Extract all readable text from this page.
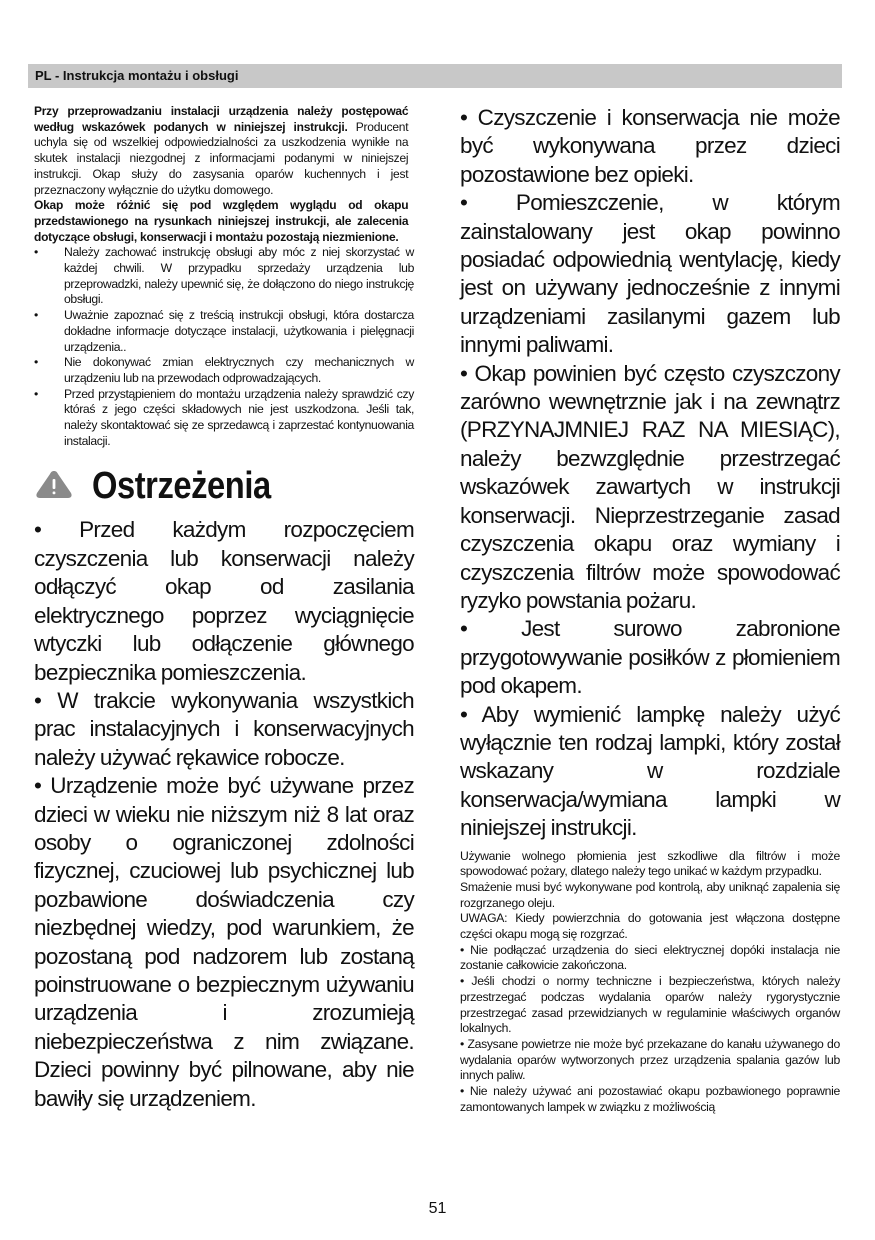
PL - Instrukcja montażu i obsługi

Przy przeprowadzaniu instalacji urządzenia należy postępować według wskazówek podanych w niniejszej instrukcji. Producent uchyla się od wszelkiej odpowiedzialności za uszkodzenia wynikłe na skutek instalacji niezgodnej z informacjami podanymi w niniejszej instrukcji. Okap służy do zasysania oparów kuchennych i jest przeznaczony wyłącznie do użytku domowego.

Okap może różnić się pod względem wyglądu od okapu przedstawionego na rysunkach niniejszej instrukcji, ale zalecenia dotyczące obsługi, konserwacji i montażu pozostają niezmienione.

• Należy zachować instrukcję obsługi aby móc z niej skorzystać w każdej chwili. W przypadku sprzedaży urządzenia lub przeprowadzki, należy upewnić się, że dołączono do niego instrukcję obsługi.
• Uważnie zapoznać się z treścią instrukcji obsługi, która dostarcza dokładne informacje dotyczące instalacji, użytkowania i pielęgnacji urządzenia..
• Nie dokonywać zmian elektrycznych czy mechanicznych w urządzeniu lub na przewodach odprowadzających.
• Przed przystąpieniem do montażu urządzenia należy sprawdzić czy któraś z jego części składowych nie jest uszkodzona. Jeśli tak, należy skontaktować się ze sprzedawcą i zaprzestać kontynuowania instalacji.
Ostrzeżenia

• Przed każdym rozpoczęciem czyszczenia lub konserwacji należy odłączyć okap od zasilania elektrycznego poprzez wyciągnięcie wtyczki lub odłączenie głównego bezpiecznika pomieszczenia.

• W trakcie wykonywania wszystkich prac instalacyjnych i konserwacyjnych należy używać rękawice robocze.

• Urządzenie może być używane przez dzieci w wieku nie niższym niż 8 lat oraz osoby o ograniczonej zdolności fizycznej, czuciowej lub psychicznej lub pozbawione doświadczenia czy niezbędnej wiedzy, pod warunkiem, że pozostaną pod nadzorem lub zostaną poinstruowane o bezpiecznym używaniu urządzenia i zrozumieją niebezpieczeństwa z nim związane. Dzieci powinny być pilnowane, aby nie bawiły się urządzeniem.

• Czyszczenie i konserwacja nie może być wykonywana przez dzieci pozostawione bez opieki.

• Pomieszczenie, w którym zainstalowany jest okap powinno posiadać odpowiednią wentylację, kiedy jest on używany jednocześnie z innymi urządzeniami zasilanymi gazem lub innymi paliwami.

• Okap powinien być często czyszczony zarówno wewnętrznie jak i na zewnątrz (PRZYNAJMNIEJ RAZ NA MIESIĄC), należy bezwzględnie przestrzegać wskazówek zawartych w instrukcji konserwacji. Nieprzestrzeganie zasad czyszczenia okapu oraz wymiany i czyszczenia filtrów może spowodować ryzyko powstania pożaru.

• Jest surowo zabronione przygotowywanie posiłków z płomieniem pod okapem.

• Aby wymienić lampkę należy użyć wyłącznie ten rodzaj lampki, który został wskazany w rozdziale konserwacja/wymiana lampki w niniejszej instrukcji.

Używanie wolnego płomienia jest szkodliwe dla filtrów i może spowodować pożary, dlatego należy tego unikać w każdym przypadku.

Smażenie musi być wykonywane pod kontrolą, aby uniknąć zapalenia się rozgrzanego oleju.

UWAGA: Kiedy powierzchnia do gotowania jest włączona dostępne części okapu mogą się rozgrzać.

• Nie podłączać urządzenia do sieci elektrycznej dopóki instalacja nie zostanie całkowicie zakończona.

• Jeśli chodzi o normy techniczne i bezpieczeństwa, których należy przestrzegać podczas wydalania oparów należy rygorystycznie przestrzegać zasad przewidzianych w regulaminie właściwych organów lokalnych.

• Zasysane powietrze nie może być przekazane do kanału używanego do wydalania oparów wytworzonych przez urządzenia spalania gazów lub innych paliw.

• Nie należy używać ani pozostawiać okapu pozbawionego poprawnie zamontowanych lampek w związku z możliwością

51
